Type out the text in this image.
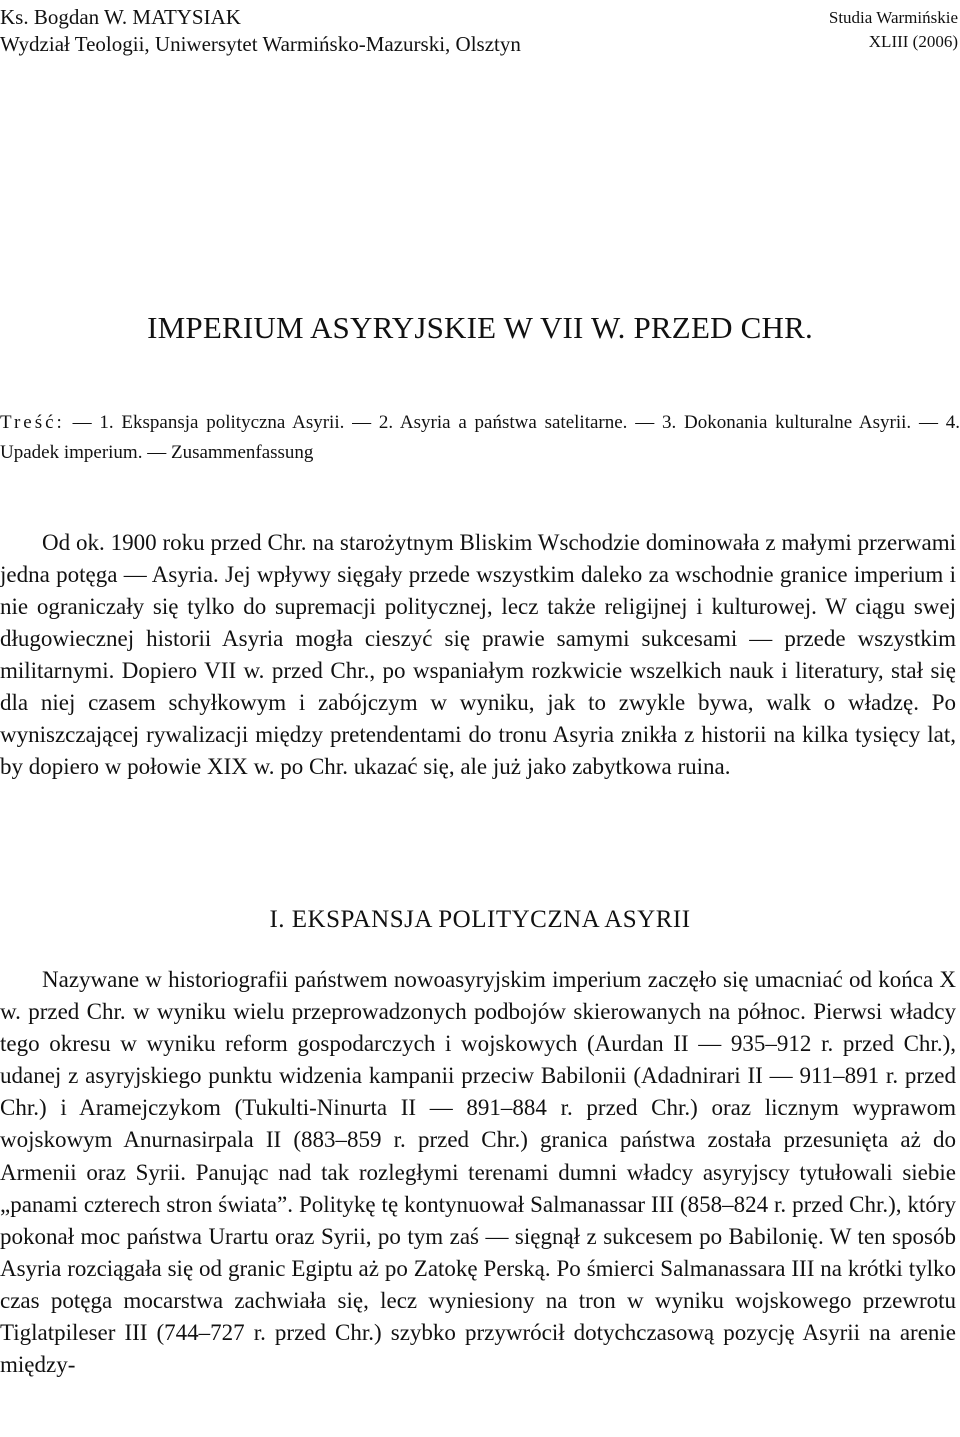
Ks. Bogdan W. MATYSIAK
Wydział Teologii, Uniwersytet Warmińsko-Mazurski, Olsztyn
Studia Warmińskie
XLIII (2006)
IMPERIUM ASYRYJSKIE W VII W. PRZED CHR.
Treść: — 1. Ekspansja polityczna Asyrii. — 2. Asyria a państwa satelitarne. — 3. Dokonania kulturalne Asyrii. — 4. Upadek imperium. — Zusammenfassung

Od ok. 1900 roku przed Chr. na starożytnym Bliskim Wschodzie dominowała z małymi przerwami jedna potęga — Asyria. Jej wpływy sięgały przede wszystkim daleko za wschodnie granice imperium i nie ograniczały się tylko do supremacji politycznej, lecz także religijnej i kulturowej. W ciągu swej długowiecznej historii Asyria mogła cieszyć się prawie samymi sukcesami — przede wszystkim militarnymi. Dopiero VII w. przed Chr., po wspaniałym rozkwicie wszelkich nauk i literatury, stał się dla niej czasem schyłkowym i zabójczym w wyniku, jak to zwykle bywa, walk o władzę. Po wyniszczającej rywalizacji między pretendentami do tronu Asyria znikła z historii na kilka tysięcy lat, by dopiero w połowie XIX w. po Chr. ukazać się, ale już jako zabytkowa ruina.

I. EKSPANSJA POLITYCZNA ASYRII

Nazywane w historiografii państwem nowoasyryjskim imperium zaczęło się umacniać od końca X w. przed Chr. w wyniku wielu przeprowadzonych podbojów skierowanych na północ. Pierwsi władcy tego okresu w wyniku reform gospodarczych i wojskowych (Aurdan II — 935–912 r. przed Chr.), udanej z asyryjskiego punktu widzenia kampanii przeciw Babilonii (Adadnirari II — 911–891 r. przed Chr.) i Aramejczykom (Tukulti-Ninurta II — 891–884 r. przed Chr.) oraz licznym wyprawom wojskowym Anurnasirpala II (883–859 r. przed Chr.) granica państwa została przesunięta aż do Armenii oraz Syrii. Panując nad tak rozległymi terenami dumni władcy asyryjscy tytułowali siebie „panami czterech stron świata”. Politykę tę kontynuował Salmanassar III (858–824 r. przed Chr.), który pokonał moc państwa Urartu oraz Syrii, po tym zaś — sięgnął z sukcesem po Babilonię. W ten sposób Asyria rozciągała się od granic Egiptu aż po Zatokę Perską. Po śmierci Salmanassara III na krótki tylko czas potęga mocarstwa zachwiała się, lecz wyniesiony na tron w wyniku wojskowego przewrotu Tiglatpileser III (744–727 r. przed Chr.) szybko przywrócił dotychczasową pozycję Asyrii na arenie między-
